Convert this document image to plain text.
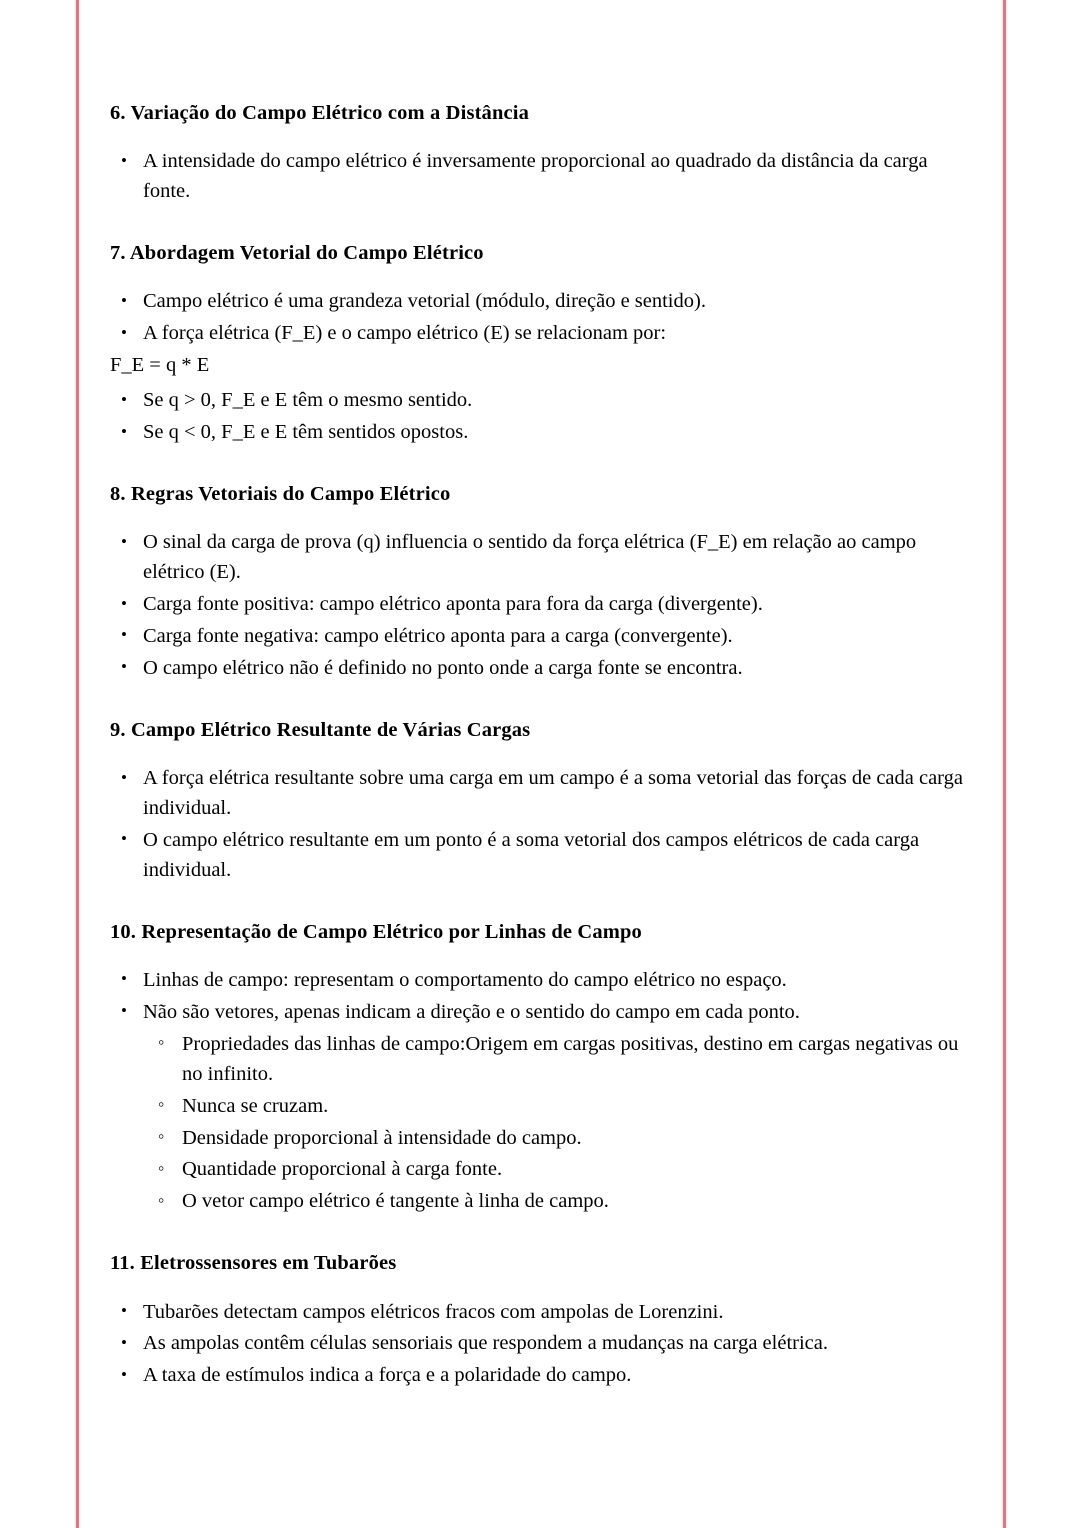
6. Variação do Campo Elétrico com a Distância
• A intensidade do campo elétrico é inversamente proporcional ao quadrado da distância da carga fonte.
7. Abordagem Vetorial do Campo Elétrico
• Campo elétrico é uma grandeza vetorial (módulo, direção e sentido).
• A força elétrica (F_E) e o campo elétrico (E) se relacionam por:

F_E = q * E

• Se q > 0, F_E e E têm o mesmo sentido.
• Se q < 0, F_E e E têm sentidos opostos.
8. Regras Vetoriais do Campo Elétrico
• O sinal da carga de prova (q) influencia o sentido da força elétrica (F_E) em relação ao campo elétrico (E).
• Carga fonte positiva: campo elétrico aponta para fora da carga (divergente).
• Carga fonte negativa: campo elétrico aponta para a carga (convergente).
• O campo elétrico não é definido no ponto onde a carga fonte se encontra.
9. Campo Elétrico Resultante de Várias Cargas
• A força elétrica resultante sobre uma carga em um campo é a soma vetorial das forças de cada carga individual.
• O campo elétrico resultante em um ponto é a soma vetorial dos campos elétricos de cada carga individual.
10. Representação de Campo Elétrico por Linhas de Campo
• Linhas de campo: representam o comportamento do campo elétrico no espaço.
• Não são vetores, apenas indicam a direção e o sentido do campo em cada ponto.
◦ Propriedades das linhas de campo:Origem em cargas positivas, destino em cargas negativas ou no infinito.
◦ Nunca se cruzam.
◦ Densidade proporcional à intensidade do campo.
◦ Quantidade proporcional à carga fonte.
◦ O vetor campo elétrico é tangente à linha de campo.
11. Eletrossensores em Tubarões
• Tubarões detectam campos elétricos fracos com ampolas de Lorenzini.
• As ampolas contêm células sensoriais que respondem a mudanças na carga elétrica.
• A taxa de estímulos indica a força e a polaridade do campo.
